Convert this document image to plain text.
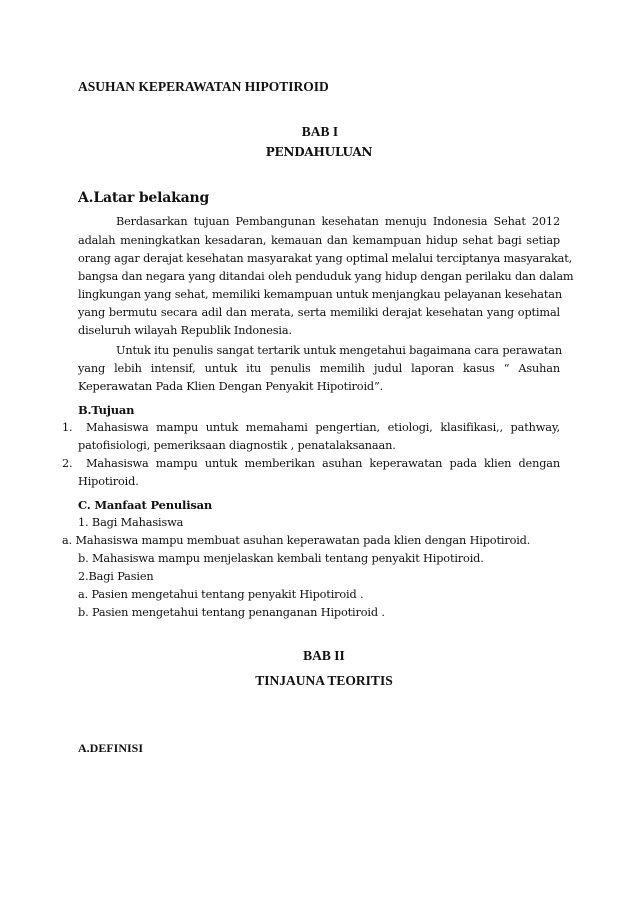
ASUHAN KEPERAWATAN HIPOTIROID
BAB I
PENDAHULUAN
A.Latar belakang
Berdasarkan tujuan Pembangunan kesehatan menuju Indonesia Sehat 2012
adalah meningkatkan kesadaran, kemauan dan kemampuan hidup sehat bagi setiap
orang agar derajat kesehatan masyarakat yang optimal melalui terciptanya masyarakat,
bangsa dan negara yang ditandai oleh penduduk yang hidup dengan perilaku dan dalam
lingkungan yang sehat, memiliki kemampuan untuk menjangkau pelayanan kesehatan
yang bermutu secara adil dan merata, serta memiliki derajat kesehatan yang optimal
diseluruh wilayah Republik Indonesia.
Untuk itu penulis sangat tertarik untuk mengetahui bagaimana cara perawatan
yang lebih intensif, untuk itu penulis memilih judul laporan kasus “ Asuhan
Keperawatan Pada Klien Dengan Penyakit Hipotiroid”.
B.Tujuan
1. Mahasiswa mampu untuk memahami pengertian, etiologi, klasifikasi,, pathway,
patofisiologi, pemeriksaan diagnostik , penatalaksanaan.
2. Mahasiswa mampu untuk memberikan asuhan keperawatan pada klien dengan
Hipotiroid.
C. Manfaat Penulisan
1. Bagi Mahasiswa
a. Mahasiswa mampu membuat asuhan keperawatan pada klien dengan Hipotiroid.
b. Mahasiswa mampu menjelaskan kembali tentang penyakit Hipotiroid.
2.Bagi Pasien
a. Pasien mengetahui tentang penyakit Hipotiroid .
b. Pasien mengetahui tentang penanganan Hipotiroid .
BAB II
TINJAUNA TEORITIS
A.DEFINISI
